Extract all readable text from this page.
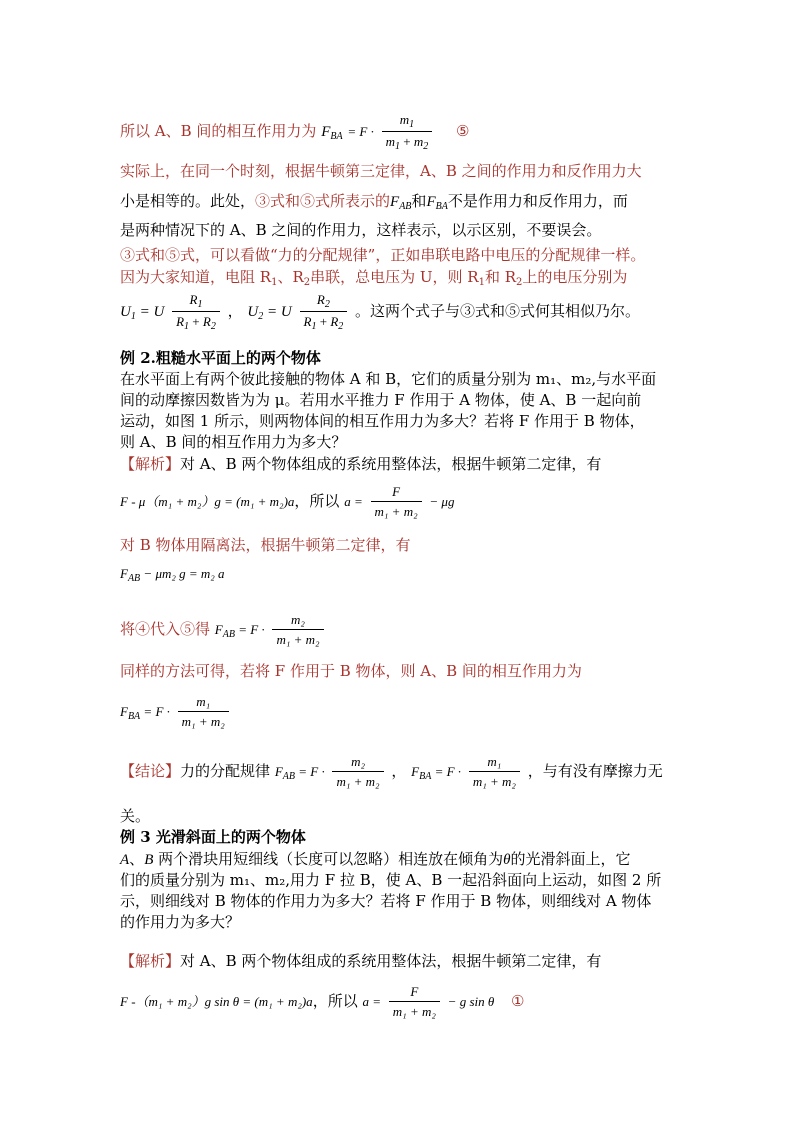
所以 A、B 间的相互作用力为 $F_{BA} = F \cdot \frac{m_1}{m_1 + m_2}$ ⑤
实际上，在同一个时刻，根据牛顿第三定律，A、B 之间的作用力和反作用力大
小是相等的。此处，③式和⑤式所表示的$F_{AB}$和$F_{BA}$不是作用力和反作用力，而
是两种情况下的 A、B 之间的作用力，这样表示，以示区别，不要误会。
③式和⑤式，可以看做“力的分配规律”，正如串联电路中电压的分配规律一样。
因为大家知道，电阻 $R_1$、$R_2$串联，总电压为 U，则 $R_1$和 $R_2$上的电压分别为
$U_1 = U \frac{R_1}{R_1 + R_2}$ ， $U_2 = U \frac{R_2}{R_1 + R_2}$ 。这两个式子与③式和⑤式何其相似乃尔。
例 2.粗糙水平面上的两个物体
在水平面上有两个彼此接触的物体 A 和 B，它们的质量分别为 m₁、m₂,与水平面
间的动摩擦因数皆为为 μ。若用水平推力 F 作用于 A 物体，使 A、B 一起向前
运动，如图 1 所示，则两物体间的相互作用力为多大？若将 F 作用于 B 物体，
则 A、B 间的相互作用力为多大？
【解析】对 A、B 两个物体组成的系统用整体法，根据牛顿第二定律，有
F - μ（m₁ + m₂）g = (m₁ + m₂)a，所以 $a = \frac{F}{\text{m₁ + m₂}} - \mu g$
对 B 物体用隔离法，根据牛顿第二定律，有
$F_{AB} - \mu m_2$ g = m₂ a
将④代入⑤得 $F_{AB} = F \cdot \frac{\text{m₂}}{\text{m₁ + m₂}}$
同样的方法可得，若将 F 作用于 B 物体，则 A、B 间的相互作用力为
$F_{BA} = F \cdot \frac{\text{m₁}}{\text{m₁ + m₂}}$
【结论】力的分配规律 $F_{AB} = F \cdot \frac{\text{m₂}}{\text{m₁ + m₂}}$ ， $F_{BA} = F \cdot \frac{\text{m₁}}{\text{m₁ + m₂}}$ ，与有没有摩擦力无
关。
例 3 光滑斜面上的两个物体
A、B 两个滑块用短细线（长度可以忽略）相连放在倾角为θ的光滑斜面上，它
们的质量分别为 m₁、m₂,用力 F 拉 B，使 A、B 一起沿斜面向上运动，如图 2 所
示，则细线对 B 物体的作用力为多大？若将 F 作用于 B 物体，则细线对 A 物体
的作用力为多大？
【解析】对 A、B 两个物体组成的系统用整体法，根据牛顿第二定律，有
F -（m₁ + m₂）g sin θ = (m₁ + m₂)a，所以 $a = \frac{F}{\text{m₁ + m₂}} - g$ sin θ ①
